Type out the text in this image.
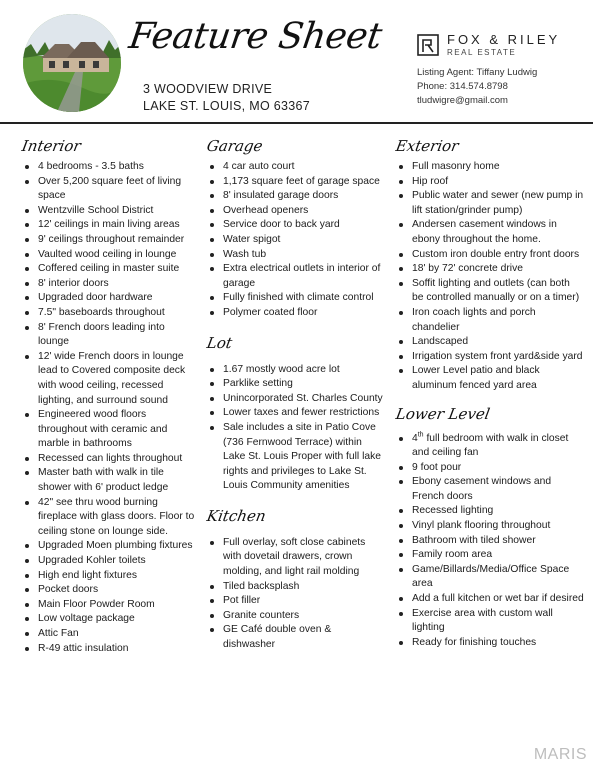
Feature Sheet
3 WOODVIEW DRIVE
LAKE ST. LOUIS, MO 63367
FOX & RILEY
REAL ESTATE
Listing Agent: Tiffany Ludwig
Phone: 314.574.8798
tludwigre@gmail.com
Interior
4 bedrooms - 3.5 baths
Over 5,200 square feet of living space
Wentzville School District
12' ceilings in main living areas
9' ceilings throughout remainder
Vaulted wood ceiling in lounge
Coffered ceiling in master suite
8' interior doors
Upgraded door hardware
7.5" baseboards throughout
8' French doors leading into lounge
12' wide French doors in lounge lead to Covered composite deck with wood ceiling, recessed lighting, and surround sound
Engineered wood floors throughout with ceramic and marble in bathrooms
Recessed can lights throughout
Master bath with walk in tile shower with 6' product ledge
42" see thru wood burning fireplace with glass doors. Floor to ceiling stone on lounge side.
Upgraded Moen plumbing fixtures
Upgraded Kohler toilets
High end light fixtures
Pocket doors
Main Floor Powder Room
Low voltage package
Attic Fan
R-49 attic insulation
Garage
4 car auto court
1,173 square feet of garage space
8' insulated garage doors
Overhead openers
Service door to back yard
Water spigot
Wash tub
Extra electrical outlets in interior of garage
Fully finished with climate control
Polymer coated floor
Lot
1.67 mostly wood acre lot
Parklike setting
Unincorporated St. Charles County
Lower taxes and fewer restrictions
Sale includes a site in Patio Cove (736 Fernwood Terrace) within Lake St. Louis Proper with full lake rights and privileges to Lake St. Louis Community amenities
Kitchen
Full overlay, soft close cabinets with dovetail drawers, crown molding, and light rail molding
Tiled backsplash
Pot filler
Granite counters
GE Café double oven & dishwasher
Exterior
Full masonry home
Hip roof
Public water and sewer (new pump in lift station/grinder pump)
Andersen casement windows in ebony throughout the home.
Custom iron double entry front doors
18' by 72' concrete drive
Soffit lighting and outlets (can both be controlled manually or on a timer)
Iron coach lights and porch chandelier
Landscaped
Irrigation system front yard&side yard
Lower Level patio and black aluminum fenced yard area
Lower Level
4th full bedroom with walk in closet and ceiling fan
9 foot pour
Ebony casement windows and French doors
Recessed lighting
Vinyl plank flooring throughout
Bathroom with tiled shower
Family room area
Game/Billards/Media/Office Space area
Add a full kitchen or wet bar if desired
Exercise area with custom wall lighting
Ready for finishing touches
MARIS
